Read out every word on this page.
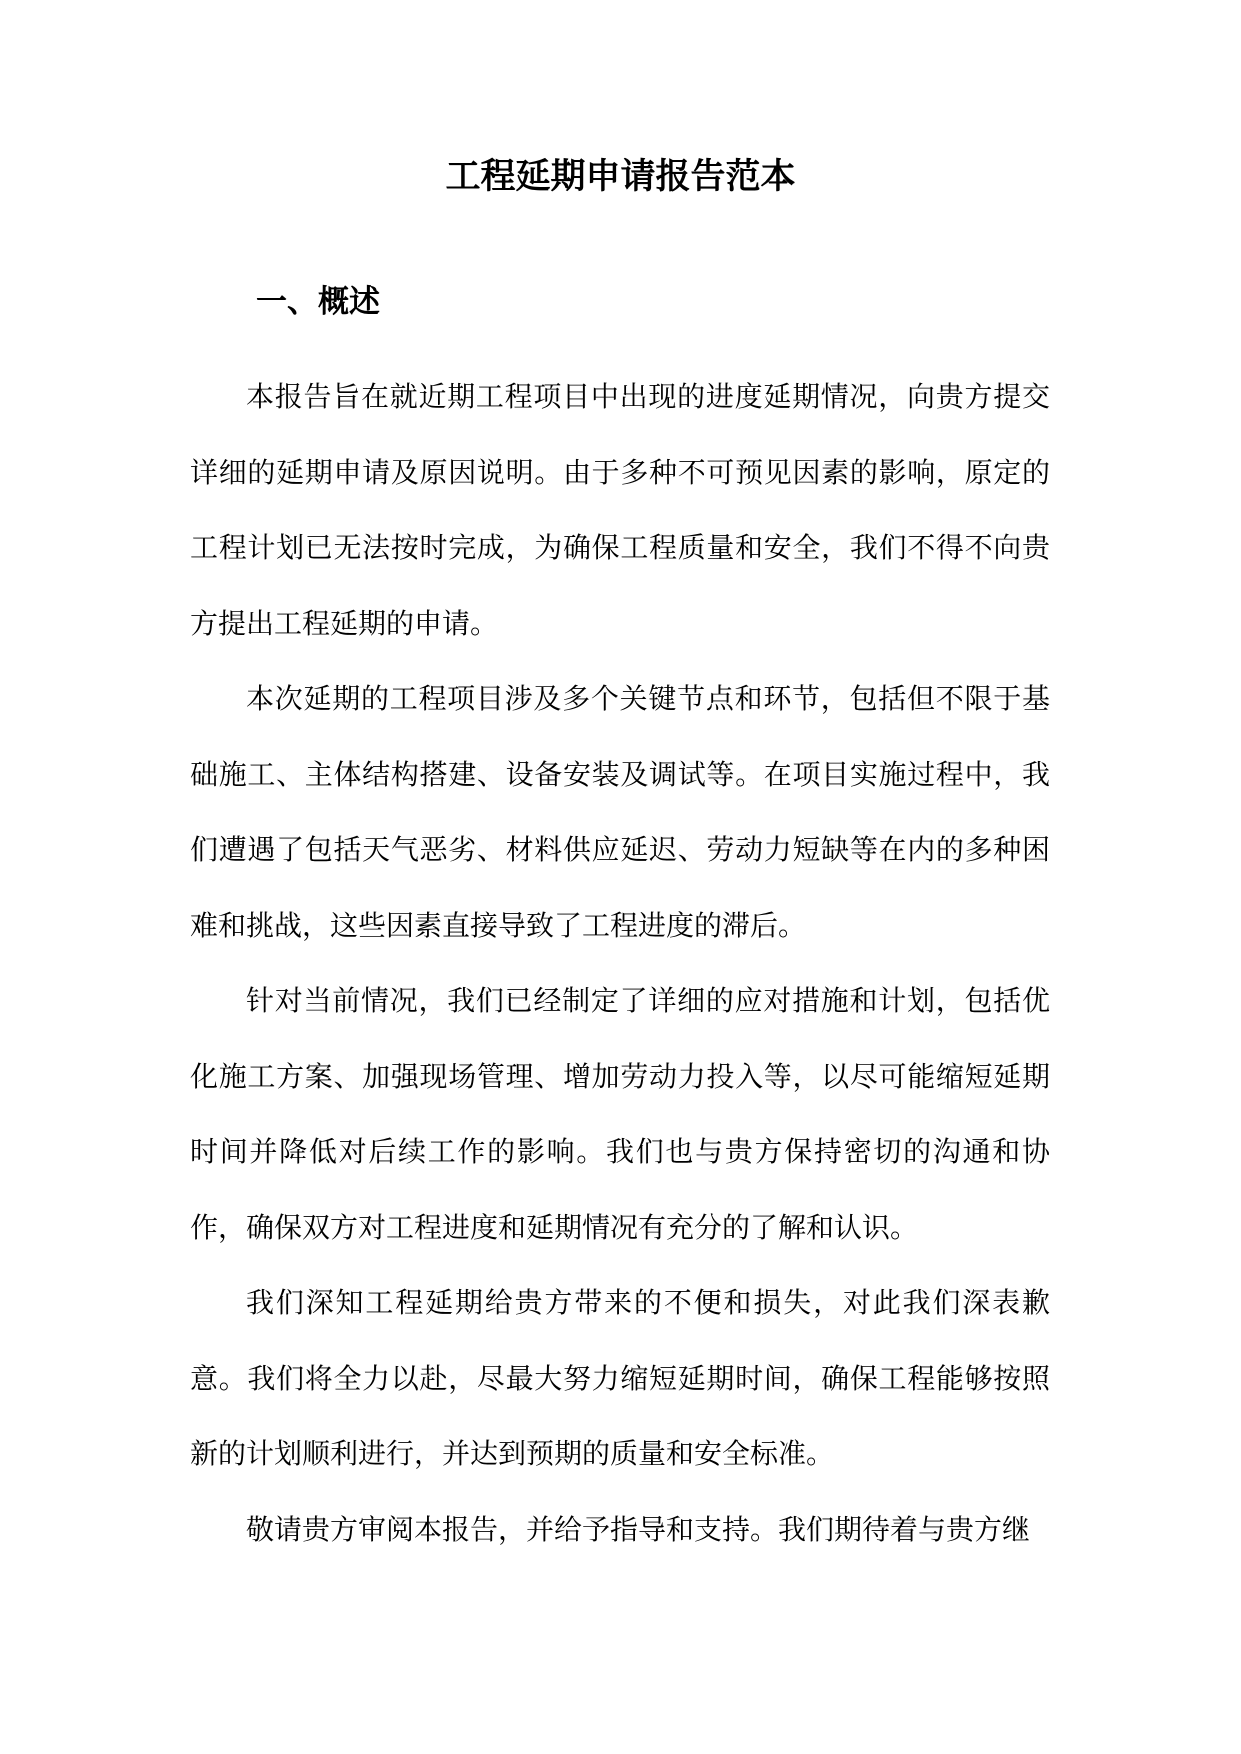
工程延期申请报告范本
一、概述

本报告旨在就近期工程项目中出现的进度延期情况，向贵方提交详细的延期申请及原因说明。由于多种不可预见因素的影响，原定的工程计划已无法按时完成，为确保工程质量和安全，我们不得不向贵方提出工程延期的申请。

本次延期的工程项目涉及多个关键节点和环节，包括但不限于基础施工、主体结构搭建、设备安装及调试等。在项目实施过程中，我们遭遇了包括天气恶劣、材料供应延迟、劳动力短缺等在内的多种困难和挑战，这些因素直接导致了工程进度的滞后。

针对当前情况，我们已经制定了详细的应对措施和计划，包括优化施工方案、加强现场管理、增加劳动力投入等，以尽可能缩短延期时间并降低对后续工作的影响。我们也与贵方保持密切的沟通和协作，确保双方对工程进度和延期情况有充分的了解和认识。

我们深知工程延期给贵方带来的不便和损失，对此我们深表歉意。我们将全力以赴，尽最大努力缩短延期时间，确保工程能够按照新的计划顺利进行，并达到预期的质量和安全标准。

敬请贵方审阅本报告，并给予指导和支持。我们期待着与贵方继
